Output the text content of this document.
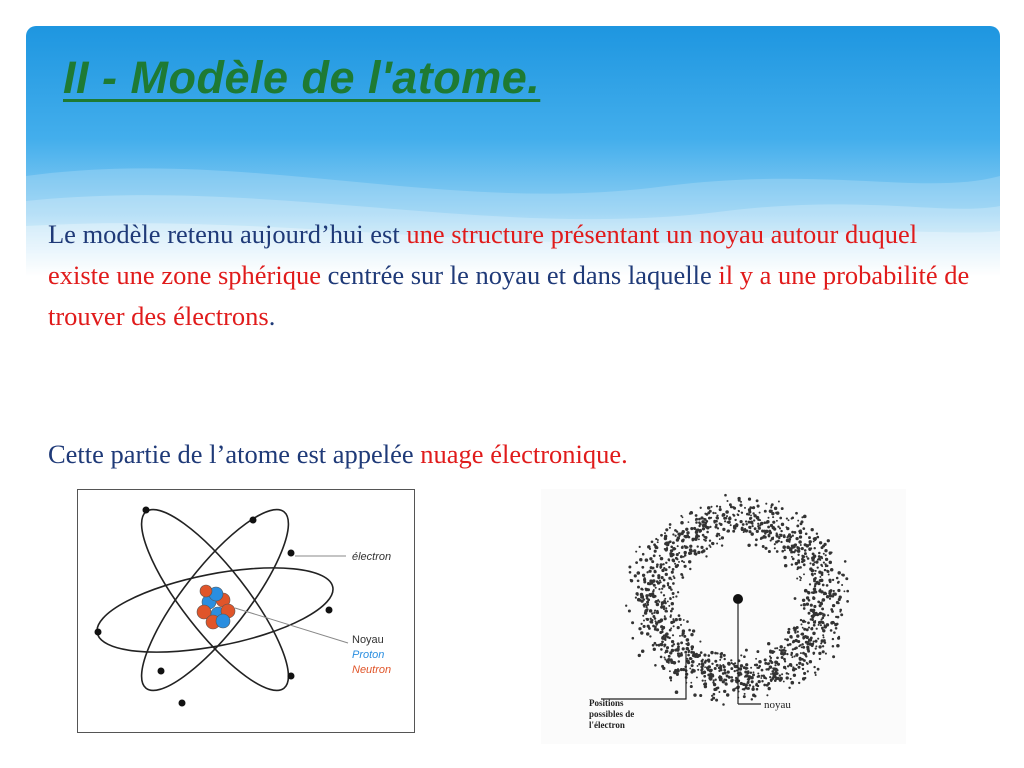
II - Modèle de l'atome.

Le modèle retenu aujourd’hui est une structure présentant un noyau autour duquel existe une zone sphérique centrée sur le noyau et dans laquelle il y a une probabilité de trouver des électrons.

Cette partie de l’atome est appelée nuage électronique.

électron
Noyau
Proton
Neutron
noyau
Positions
possibles de
l'électron
